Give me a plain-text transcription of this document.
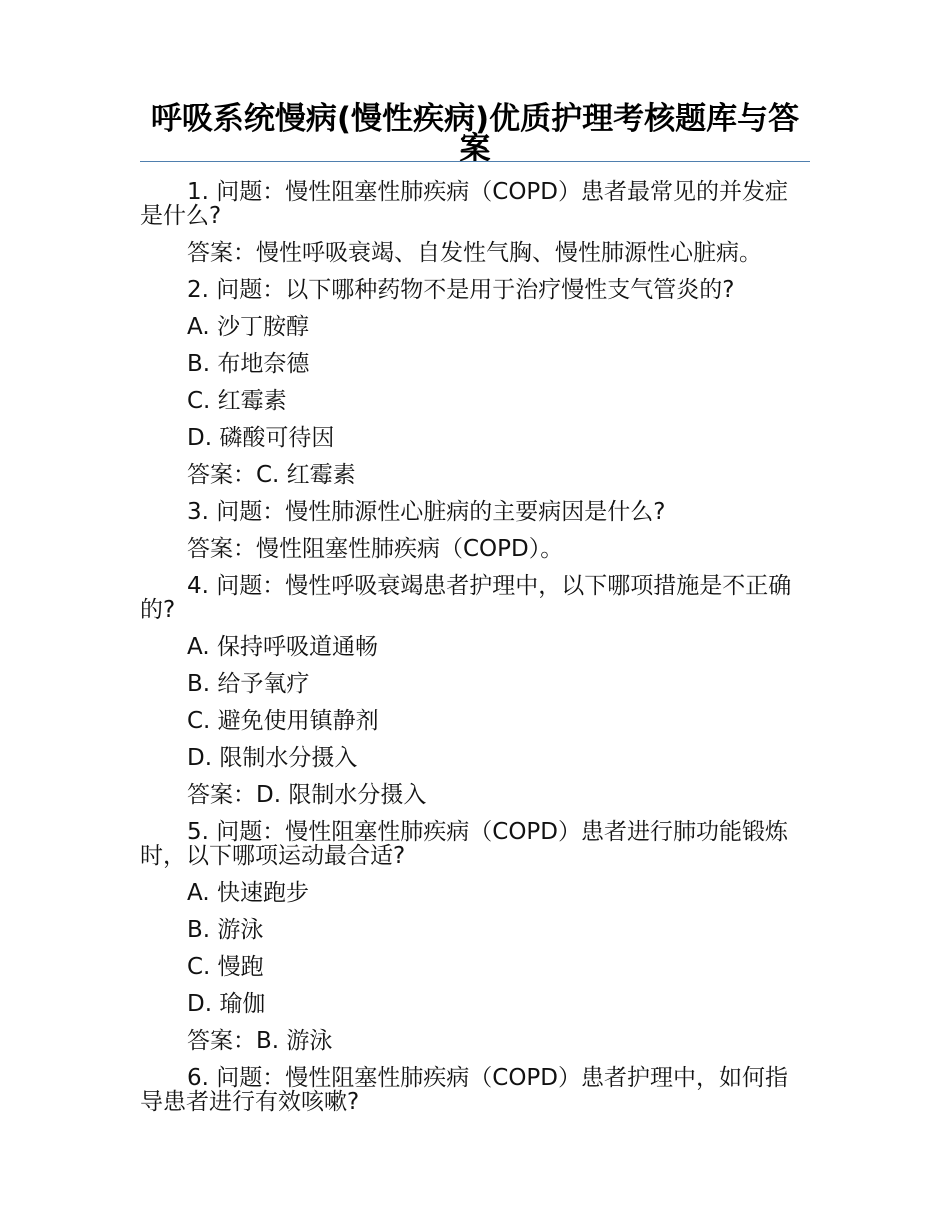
呼吸系统慢病(慢性疾病)优质护理考核题库与答案

1. 问题：慢性阻塞性肺疾病（COPD）患者最常见的并发症是什么?

答案：慢性呼吸衰竭、自发性气胸、慢性肺源性心脏病。

2. 问题：以下哪种药物不是用于治疗慢性支气管炎的?

A. 沙丁胺醇

B. 布地奈德

C. 红霉素

D. 磷酸可待因

答案：C. 红霉素

3. 问题：慢性肺源性心脏病的主要病因是什么?

答案：慢性阻塞性肺疾病（COPD）。

4. 问题：慢性呼吸衰竭患者护理中，以下哪项措施是不正确的?

A. 保持呼吸道通畅

B. 给予氧疗

C. 避免使用镇静剂

D. 限制水分摄入

答案：D. 限制水分摄入

5. 问题：慢性阻塞性肺疾病（COPD）患者进行肺功能锻炼时，以下哪项运动最合适?

A. 快速跑步

B. 游泳

C. 慢跑

D. 瑜伽

答案：B. 游泳

6. 问题：慢性阻塞性肺疾病（COPD）患者护理中，如何指导患者进行有效咳嗽?
